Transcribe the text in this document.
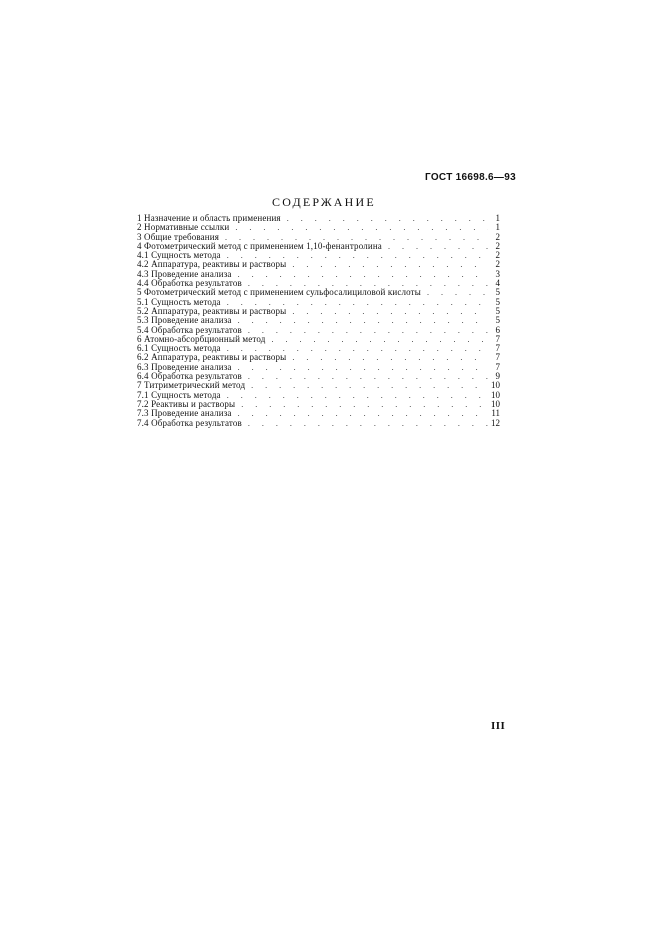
ГОСТ 16698.6—93
СОДЕРЖАНИЕ
1 Назначение и область применения . . .	1
2 Нормативные ссылки . . .	1
3 Общие требования . . .	2
4 Фотометрический метод с применением 1,10-фенантролина . . .	2
4.1 Сущность метода . . .	2
4.2 Аппаратура, реактивы и растворы . . .	2
4.3 Проведение анализа . . .	3
4.4 Обработка результатов . . .	4
5 Фотометрический метод с применением сульфосалициловой кислоты . . .	5
5.1 Сущность метода . . .	5
5.2 Аппаратура, реактивы и растворы . . .	5
5.3 Проведение анализа . . .	5
5.4 Обработка результатов . . .	6
6 Атомно-абсорбционный метод . . .	7
6.1 Сущность метода . . .	7
6.2 Аппаратура, реактивы и растворы . . .	7
6.3 Проведение анализа . . .	7
6.4 Обработка результатов . . .	9
7 Титриметрический метод . . .	10
7.1 Сущность метода . . .	10
7.2 Реактивы и растворы . . .	10
7.3 Проведение анализа . . .	11
7.4 Обработка результатов . . .	12
III
